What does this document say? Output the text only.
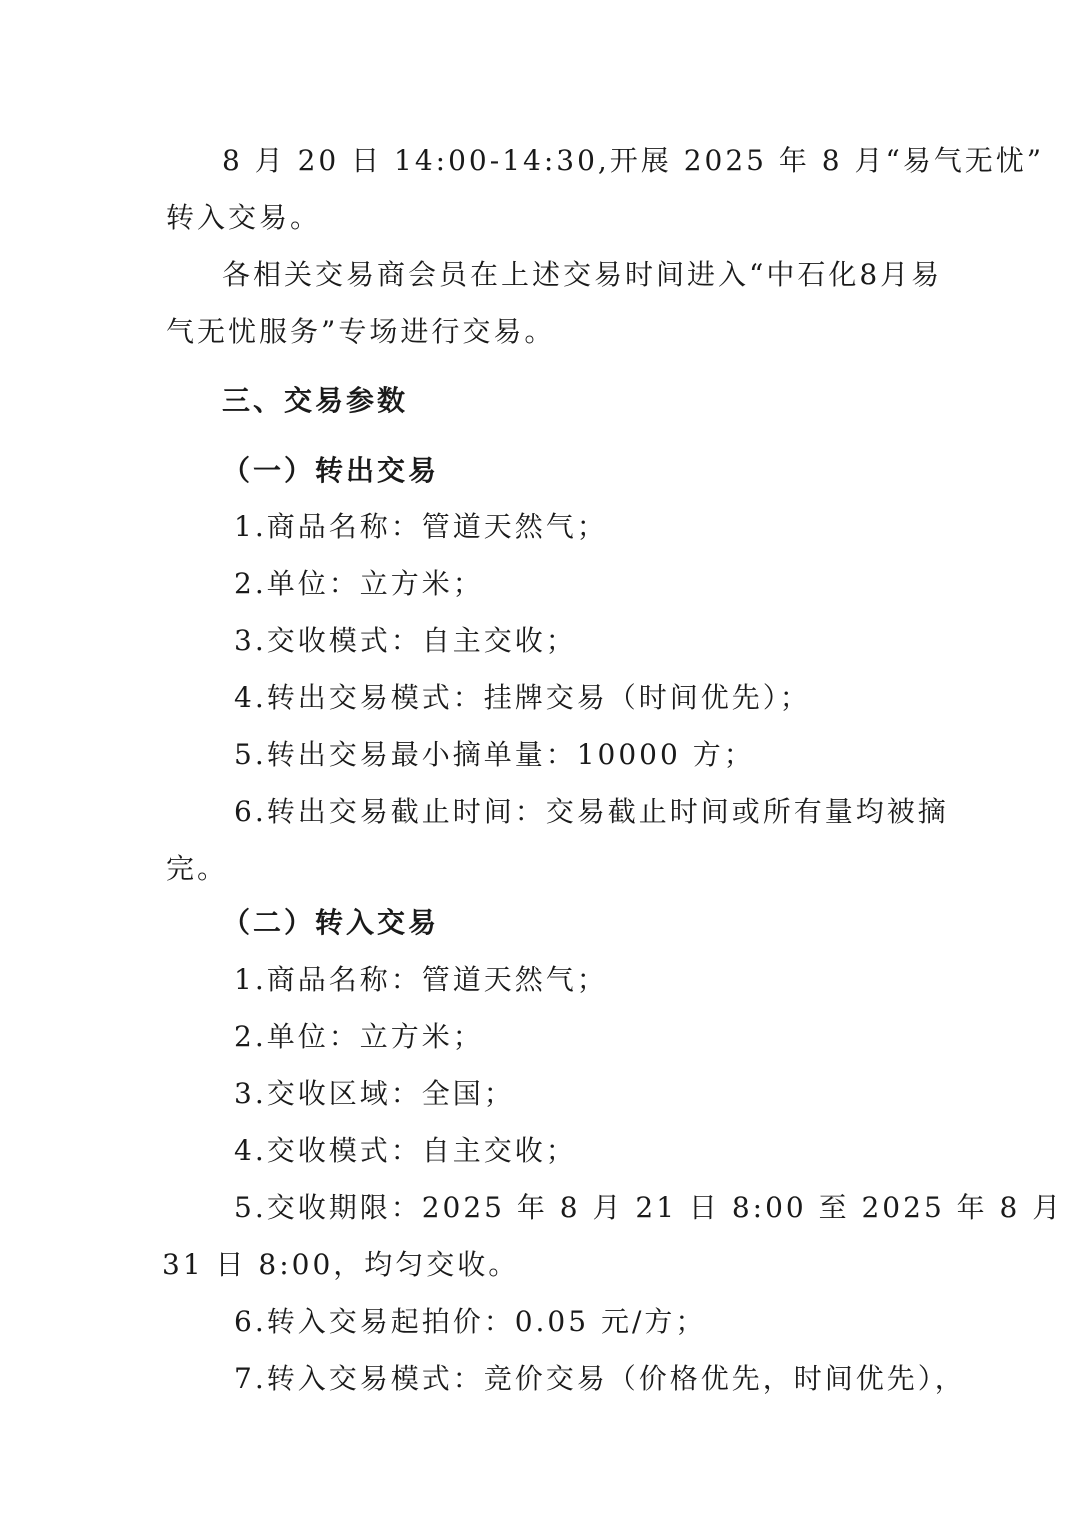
8 月 20 日 14:00-14:30,开展 2025 年 8 月“易气无忧”
转入交易。
各相关交易商会员在上述交易时间进入“中石化8月易
气无忧服务”专场进行交易。
三、交易参数
（一）转出交易
1.商品名称：管道天然气；
2.单位：立方米；
3.交收模式：自主交收；
4.转出交易模式：挂牌交易（时间优先）；
5.转出交易最小摘单量：10000 方；
6.转出交易截止时间：交易截止时间或所有量均被摘
完。
（二）转入交易
1.商品名称：管道天然气；
2.单位：立方米；
3.交收区域：全国；
4.交收模式：自主交收；
5.交收期限：2025 年 8 月 21 日 8:00 至 2025 年 8 月
31 日 8:00，均匀交收。
6.转入交易起拍价：0.05 元/方；
7.转入交易模式：竞价交易（价格优先，时间优先），
